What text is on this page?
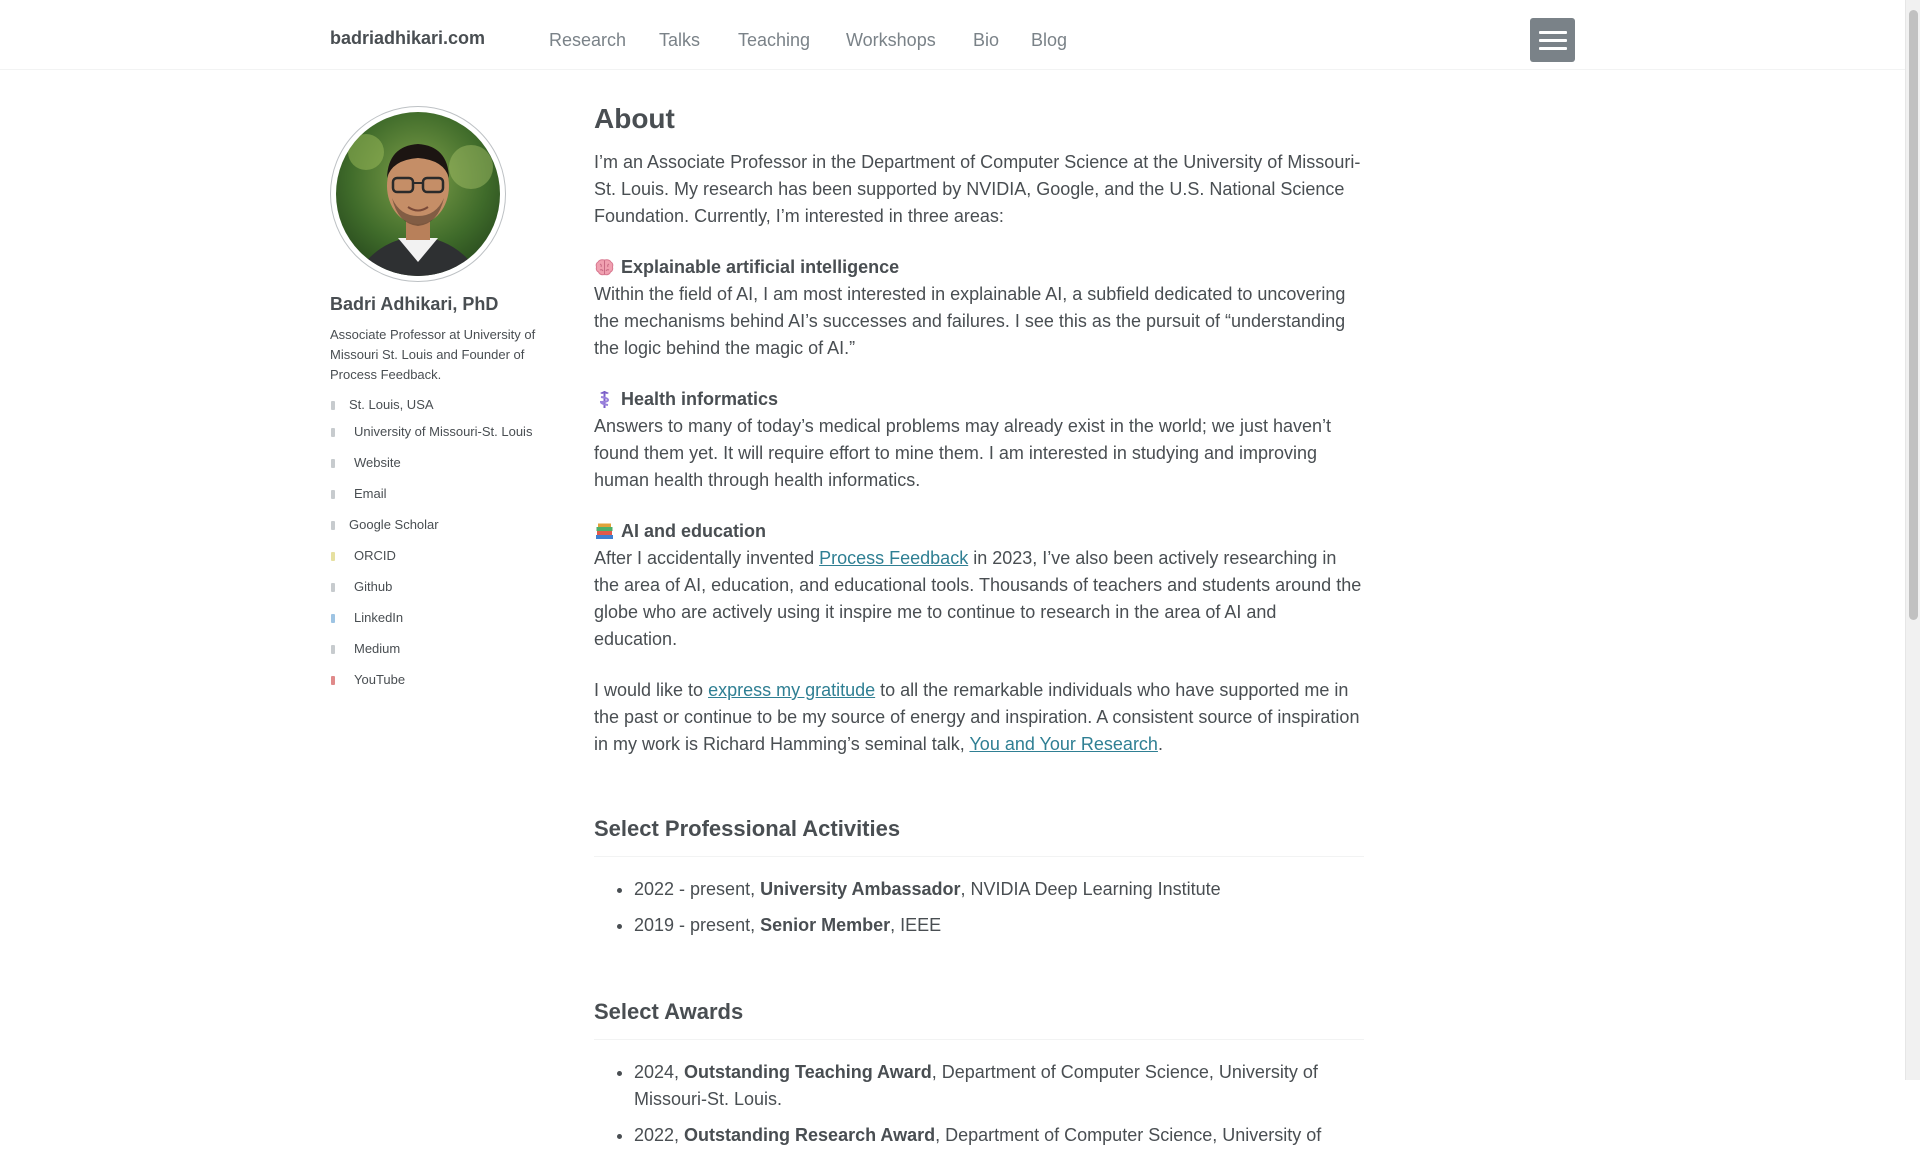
badriadhikari.com	Research Talks Teaching Workshops Bio Blog
Badri Adhikari, PhD

Associate Professor at University of Missouri St. Louis and Founder of Process Feedback.

St. Louis, USA
University of Missouri-St. Louis
Website
Email
Google Scholar
ORCID
Github
LinkedIn
Medium
YouTube
About

I’m an Associate Professor in the Department of Computer Science at the University of Missouri-St. Louis. My research has been supported by NVIDIA, Google, and the U.S. National Science Foundation. Currently, I’m interested in three areas:

Explainable artificial intelligence

Within the field of AI, I am most interested in explainable AI, a subfield dedicated to uncovering the mechanisms behind AI’s successes and failures. I see this as the pursuit of “understanding the logic behind the magic of AI.”

Health informatics

Answers to many of today’s medical problems may already exist in the world; we just haven’t found them yet. It will require effort to mine them. I am interested in studying and improving human health through health informatics.

AI and education

After I accidentally invented Process Feedback in 2023, I’ve also been actively researching in the area of AI, education, and educational tools. Thousands of teachers and students around the globe who are actively using it inspire me to continue to research in the area of AI and education.

I would like to express my gratitude to all the remarkable individuals who have supported me in the past or continue to be my source of energy and inspiration. A consistent source of inspiration in my work is Richard Hamming’s seminal talk, You and Your Research.

Select Professional Activities
• 2022 - present, University Ambassador, NVIDIA Deep Learning Institute
• 2019 - present, Senior Member, IEEE
Select Awards
• 2024, Outstanding Teaching Award, Department of Computer Science, University of Missouri-St. Louis.
• 2022, Outstanding Research Award, Department of Computer Science, University of
